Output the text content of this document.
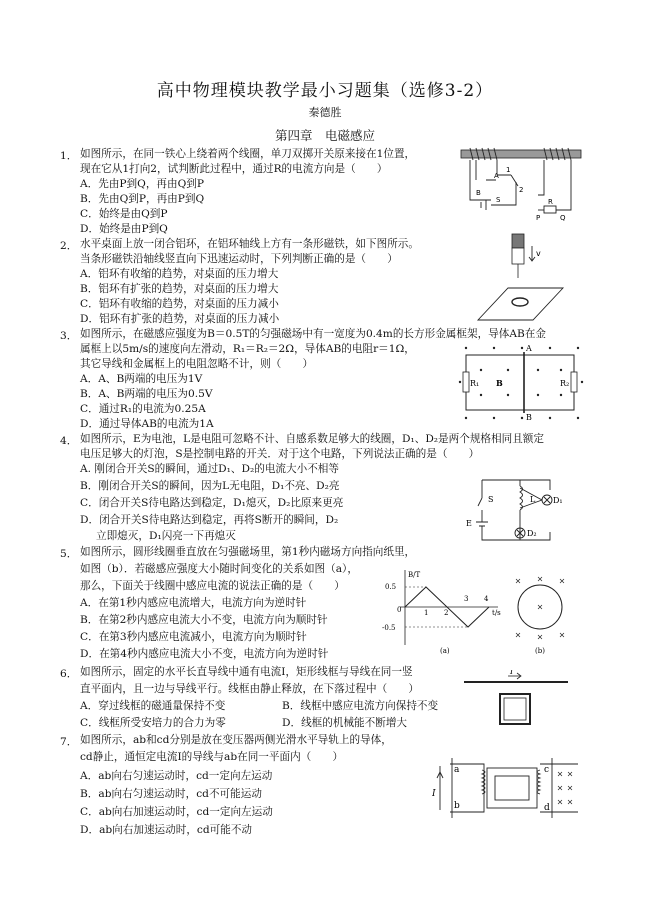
高中物理模块教学最小习题集（选修3-2）
秦德胜
第四章　电磁感应
1． 如图所示，在同一铁心上绕着两个线圈，单刀双掷开关原来接在1位置，
现在它从1打向2，试判断此过程中，通过R的电流方向是（　　）
A．先由P到Q，再由Q到P
B．先由Q到P，再由P到Q
C．始终是由Q到P
D．始终是由P到Q
2． 水平桌面上放一闭合铝环，在铝环轴线上方有一条形磁铁，如下图所示。
当条形磁铁沿轴线竖直向下迅速运动时，下列判断正确的是（　　）
A．铝环有收缩的趋势，对桌面的压力增大
B．铝环有扩张的趋势，对桌面的压力增大
C．铝环有收缩的趋势，对桌面的压力减小
D．铝环有扩张的趋势，对桌面的压力减小
3． 如图所示，在磁感应强度为B＝0.5T的匀强磁场中有一宽度为0.4m的长方形金属框架，导体AB在金
属框上以5m/s的速度向左滑动，R₁＝R₂＝2Ω，导体AB的电阻r＝1Ω，
其它导线和金属框上的电阻忽略不计，则（　　）
A．A、B两端的电压为1V
B．A、B两端的电压为0.5V
C．通过R₁的电流为0.25A
D．通过导体AB的电流为1A
4． 如图所示，E为电池，L是电阻可忽略不计、自感系数足够大的线圈，D₁、D₂是两个规格相同且额定
电压足够大的灯泡，S是控制电路的开关．对于这个电路，下列说法正确的是（　　）
A. 刚闭合开关S的瞬间，通过D₁、D₂的电流大小不相等
B．刚闭合开关S的瞬间，因为L无电阻，D₁不亮、D₂亮
C．闭合开关S待电路达到稳定，D₁熄灭，D₂比原来更亮
D．闭合开关S待电路达到稳定，再将S断开的瞬间，D₂
立即熄灭，D₁闪亮一下再熄灭
5． 如图所示，圆形线圈垂直放在匀强磁场里，第1秒内磁场方向指向纸里，
如图（b）．若磁感应强度大小随时间变化的关系如图（a），
那么，下面关于线圈中感应电流的说法正确的是（　　）
A．在第1秒内感应电流增大，电流方向为逆时针
B．在第2秒内感应电流大小不变，电流方向为顺时针
C．在第3秒内感应电流减小，电流方向为顺时针
D．在第4秒内感应电流大小不变，电流方向为逆时针
6． 如图所示，固定的水平长直导线中通有电流I，矩形线框与导线在同一竖
直平面内，且一边与导线平行。线框由静止释放，在下落过程中（　　）
A．穿过线框的磁通量保持不变	B．线框中感应电流方向保持不变
C．线框所受安培力的合力为零	D．线框的机械能不断增大
7． 如图所示，ab和cd分别是放在变压器两侧光滑水平导轨上的导体，
cd静止，通恒定电流I的导线与ab在同一平面内（　　）
A．ab向右匀速运动时，cd一定向左运动
B．ab向右匀速运动时，cd不可能运动
C．ab向右加速运动时，cd一定向左运动
D．ab向右加速运动时，cd可能不动
A
B
1
2
S	R
P	Q
v
R₁ B	R₂
A
B
S	L D₁
E
D₂
B/T
0.5
0
-0.5
1 2
3 4
t/s
(a)	(b)
I
a
b
I
c
d
